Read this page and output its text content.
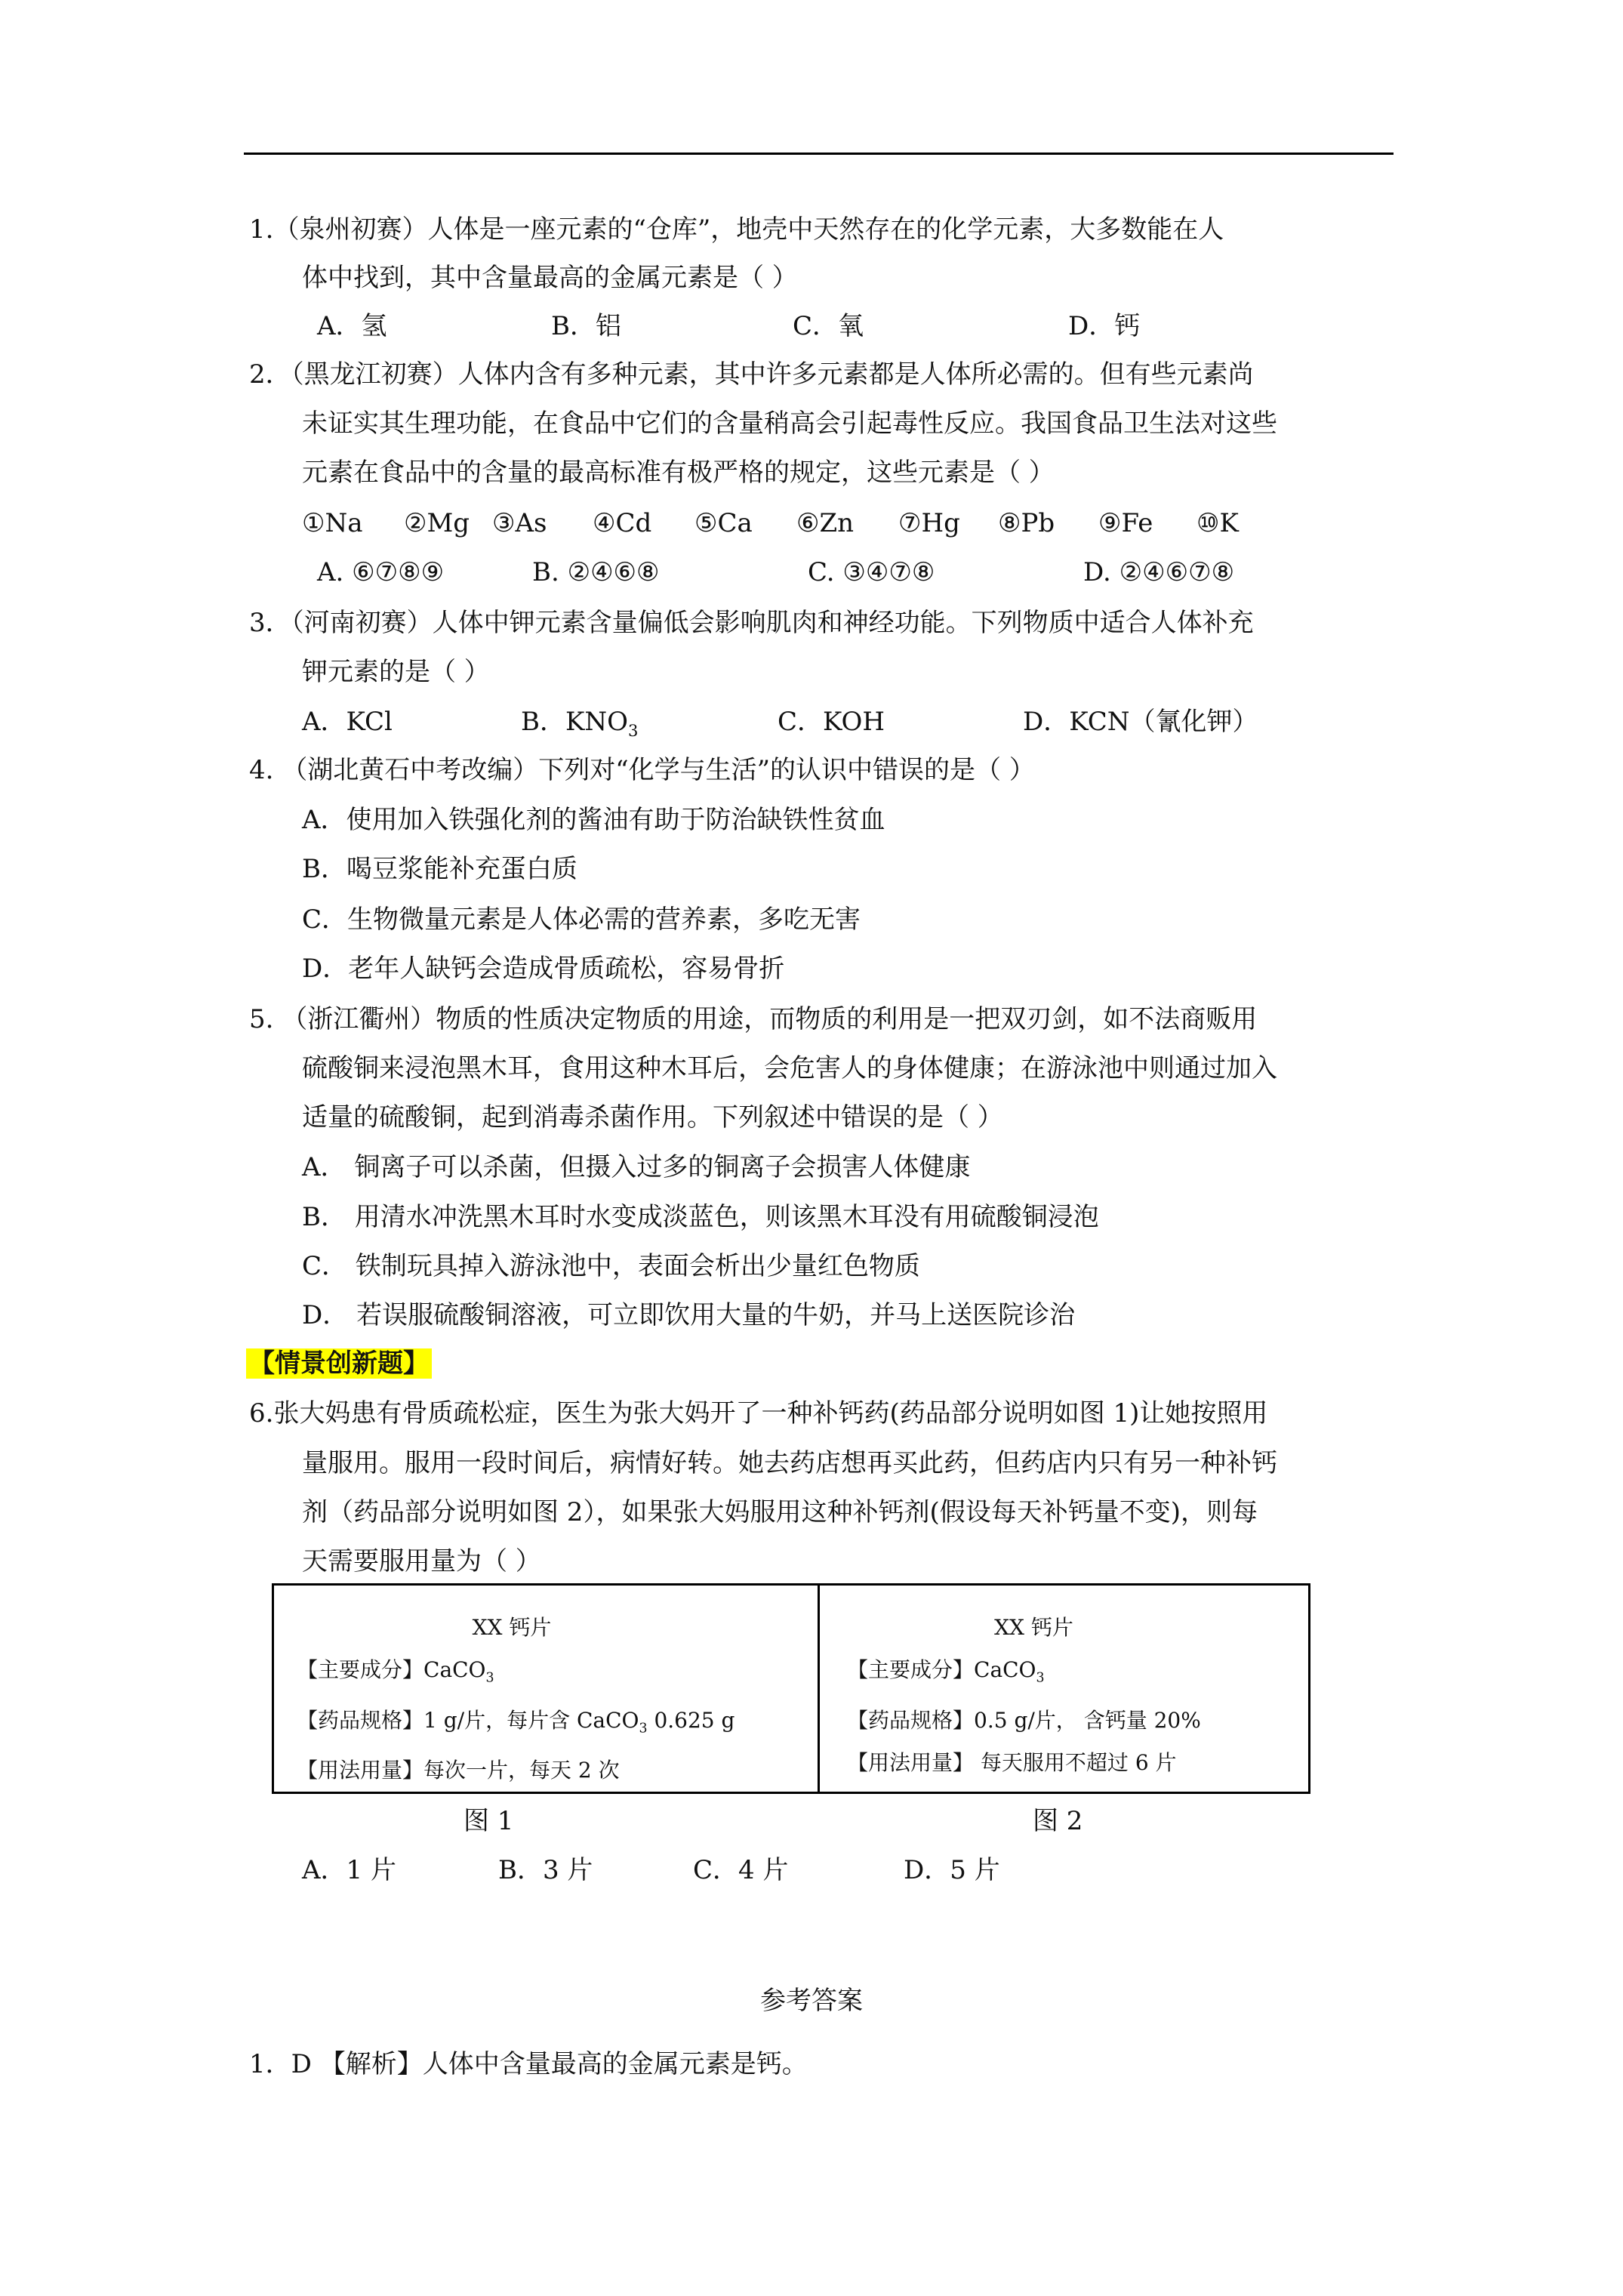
1.（泉州初赛）人体是一座元素的“仓库”，地壳中天然存在的化学元素，大多数能在人

体中找到，其中含量最高的金属元素是（ ）

A．氢	B．铝	C．氧	D．钙

2．（黑龙江初赛）人体内含有多种元素，其中许多元素都是人体所必需的。但有些元素尚

未证实其生理功能，在食品中它们的含量稍高会引起毒性反应。我国食品卫生法对这些

元素在食品中的含量的最高标准有极严格的规定，这些元素是（ ）

①Na ②Mg ③As ④Cd ⑤Ca ⑥Zn ⑦Hg ⑧Pb ⑨Fe ⑩K
A. ⑥⑦⑧⑨	B. ②④⑥⑧	C. ③④⑦⑧	D. ②④⑥⑦⑧

3．（河南初赛）人体中钾元素含量偏低会影响肌肉和神经功能。下列物质中适合人体补充

钾元素的是（ ）

A．KCl	B．$KNO_3$	C．KOH	D．KCN（氰化钾）

4. （湖北黄石中考改编）下列对“化学与生活”的认识中错误的是（ ）

A．使用加入铁强化剂的酱油有助于防治缺铁性贫血

B．喝豆浆能补充蛋白质

C．生物微量元素是人体必需的营养素，多吃无害

D．老年人缺钙会造成骨质疏松，容易骨折

5. （浙江衢州）物质的性质决定物质的用途，而物质的利用是一把双刃剑，如不法商贩用

硫酸铜来浸泡黑木耳，食用这种木耳后，会危害人的身体健康；在游泳池中则通过加入

适量的硫酸铜，起到消毒杀菌作用。下列叙述中错误的是（ ）

A． 铜离子可以杀菌，但摄入过多的铜离子会损害人体健康

B． 用清水冲洗黑木耳时水变成淡蓝色，则该黑木耳没有用硫酸铜浸泡

C． 铁制玩具掉入游泳池中，表面会析出少量红色物质

D． 若误服硫酸铜溶液，可立即饮用大量的牛奶，并马上送医院诊治

【情景创新题】

6.张大妈患有骨质疏松症，医生为张大妈开了一种补钙药(药品部分说明如图 1)让她按照用

量服用。服用一段时间后，病情好转。她去药店想再买此药，但药店内只有另一种补钙

剂（药品部分说明如图 2），如果张大妈服用这种补钙剂(假设每天补钙量不变)，则每

天需要服用量为（ ）

XX 钙片
【主要成分】CaCO$_3$
【药品规格】1 g/片，每片含 CaCO$_3$ 0.625 g
【用法用量】每次一片，每天 2 次

XX 钙片
【主要成分】CaCO$_3$
【药品规格】0.5 g/片， 含钙量 20%
【用法用量】 每天服用不超过 6 片

图 1	图 2

A．1 片	B．3 片	C．4 片	D．5 片

参考答案

1．D 【解析】人体中含量最高的金属元素是钙。
